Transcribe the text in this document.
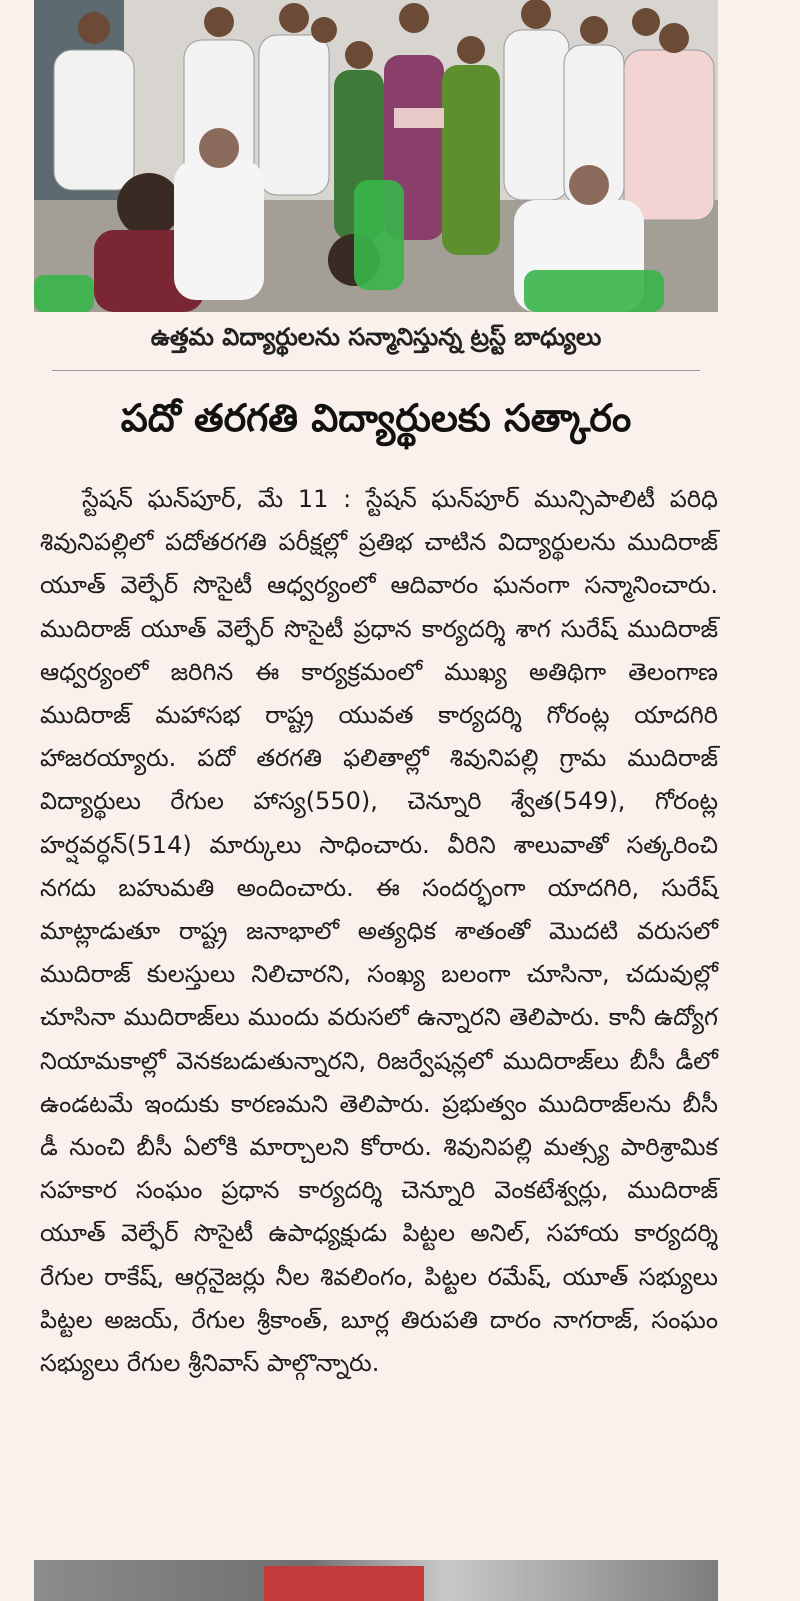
ఉత్తమ విద్యార్థులను సన్మానిస్తున్న ట్రస్ట్ బాధ్యులు
పదో తరగతి విద్యార్థులకు సత్కారం

స్టేషన్ ఘన్‌పూర్, మే 11 : స్టేషన్ ఘన్‌పూర్ మున్సిపాలిటీ పరిధి శివునిపల్లిలో పదోతరగతి పరీక్షల్లో ప్రతిభ చాటిన విద్యార్థులను ముదిరాజ్ యూత్ వెల్ఫేర్ సొసైటీ ఆధ్వర్యంలో ఆదివారం ఘనంగా సన్మానించారు. ముదిరాజ్ యూత్ వెల్ఫేర్ సొసైటీ ప్రధాన కార్యదర్శి శాగ సురేష్ ముదిరాజ్ ఆధ్వర్యంలో జరిగిన ఈ కార్యక్రమంలో ముఖ్య అతిథిగా తెలంగాణ ముదిరాజ్ మహాసభ రాష్ట్ర యువత కార్యదర్శి గోరంట్ల యాదగిరి హాజరయ్యారు. పదో తరగతి ఫలితాల్లో శివునిపల్లి గ్రామ ముదిరాజ్ విద్యార్థులు రేగుల హాస్య(550), చెన్నూరి శ్వేత(549), గోరంట్ల హర్షవర్ధన్(514) మార్కులు సాధించారు. వీరిని శాలువాతో సత్కరించి నగదు బహుమతి అందించారు. ఈ సందర్భంగా యాదగిరి, సురేష్ మాట్లాడుతూ రాష్ట్ర జనాభాలో అత్యధిక శాతంతో మొదటి వరుసలో ముదిరాజ్ కులస్తులు నిలిచారని, సంఖ్య బలంగా చూసినా, చదువుల్లో చూసినా ముదిరాజ్‌లు ముందు వరుసలో ఉన్నారని తెలిపారు. కానీ ఉద్యోగ నియామకాల్లో వెనకబడుతున్నారని, రిజర్వేషన్లలో ముదిరాజ్‌లు బీసీ డీలో ఉండటమే ఇందుకు కారణమని తెలిపారు. ప్రభుత్వం ముదిరాజ్‌లను బీసీ డీ నుంచి బీసీ ఏలోకి మార్చాలని కోరారు. శివునిపల్లి మత్స్య పారిశ్రామిక సహకార సంఘం ప్రధాన కార్యదర్శి చెన్నూరి వెంకటేశ్వర్లు, ముదిరాజ్ యూత్ వెల్ఫేర్ సొసైటీ ఉపాధ్యక్షుడు పిట్టల అనిల్, సహాయ కార్యదర్శి రేగుల రాకేష్, ఆర్గనైజర్లు నీల శివలింగం, పిట్టల రమేష్, యూత్ సభ్యులు పిట్టల అజయ్, రేగుల శ్రీకాంత్, బూర్ల తిరుపతి దారం నాగరాజ్, సంఘం సభ్యులు రేగుల శ్రీనివాస్ పాల్గొన్నారు.
